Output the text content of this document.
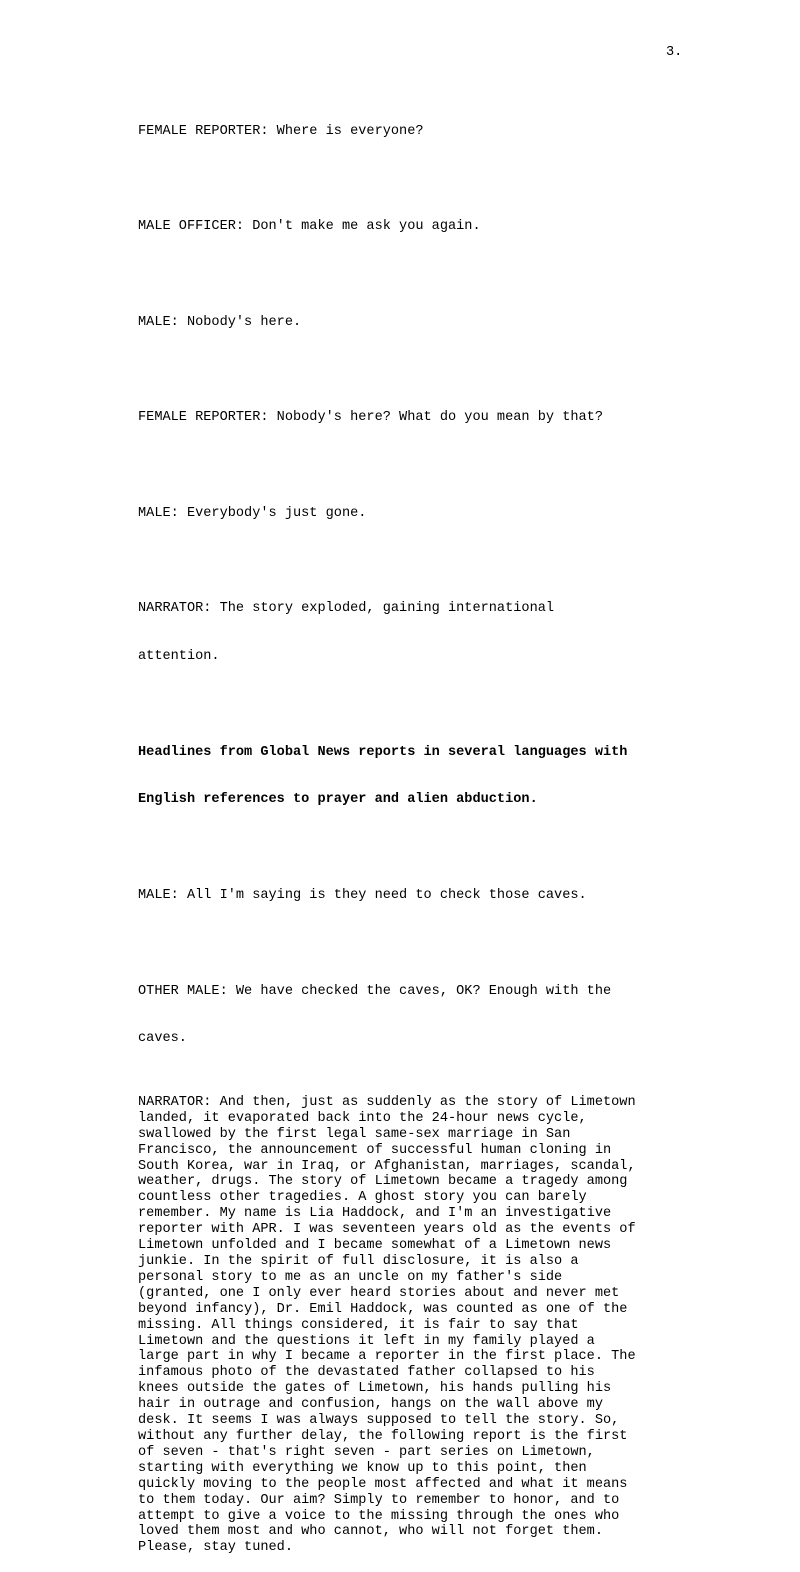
3.

FEMALE REPORTER: Where is everyone?

MALE OFFICER: Don't make me ask you again.

MALE: Nobody's here.

FEMALE REPORTER: Nobody's here? What do you mean by that?

MALE: Everybody's just gone.

NARRATOR: The story exploded, gaining international

attention.

Headlines from Global News reports in several languages with

English references to prayer and alien abduction.

MALE: All I'm saying is they need to check those caves.

OTHER MALE: We have checked the caves, OK? Enough with the

caves.

NARRATOR: And then, just as suddenly as the story of Limetown
landed, it evaporated back into the 24-hour news cycle,
swallowed by the first legal same-sex marriage in San
Francisco, the announcement of successful human cloning in
South Korea, war in Iraq, or Afghanistan, marriages, scandal,
weather, drugs. The story of Limetown became a tragedy among
countless other tragedies. A ghost story you can barely
remember. My name is Lia Haddock, and I'm an investigative
reporter with APR. I was seventeen years old as the events of
Limetown unfolded and I became somewhat of a Limetown news
junkie. In the spirit of full disclosure, it is also a
personal story to me as an uncle on my father's side
(granted, one I only ever heard stories about and never met
beyond infancy), Dr. Emil Haddock, was counted as one of the
missing. All things considered, it is fair to say that
Limetown and the questions it left in my family played a
large part in why I became a reporter in the first place. The
infamous photo of the devastated father collapsed to his
knees outside the gates of Limetown, his hands pulling his
hair in outrage and confusion, hangs on the wall above my
desk. It seems I was always supposed to tell the story. So,
without any further delay, the following report is the first
of seven - that's right seven - part series on Limetown,
starting with everything we know up to this point, then
quickly moving to the people most affected and what it means
to them today. Our aim? Simply to remember to honor, and to
attempt to give a voice to the missing through the ones who
loved them most and who cannot, who will not forget them.
Please, stay tuned.
